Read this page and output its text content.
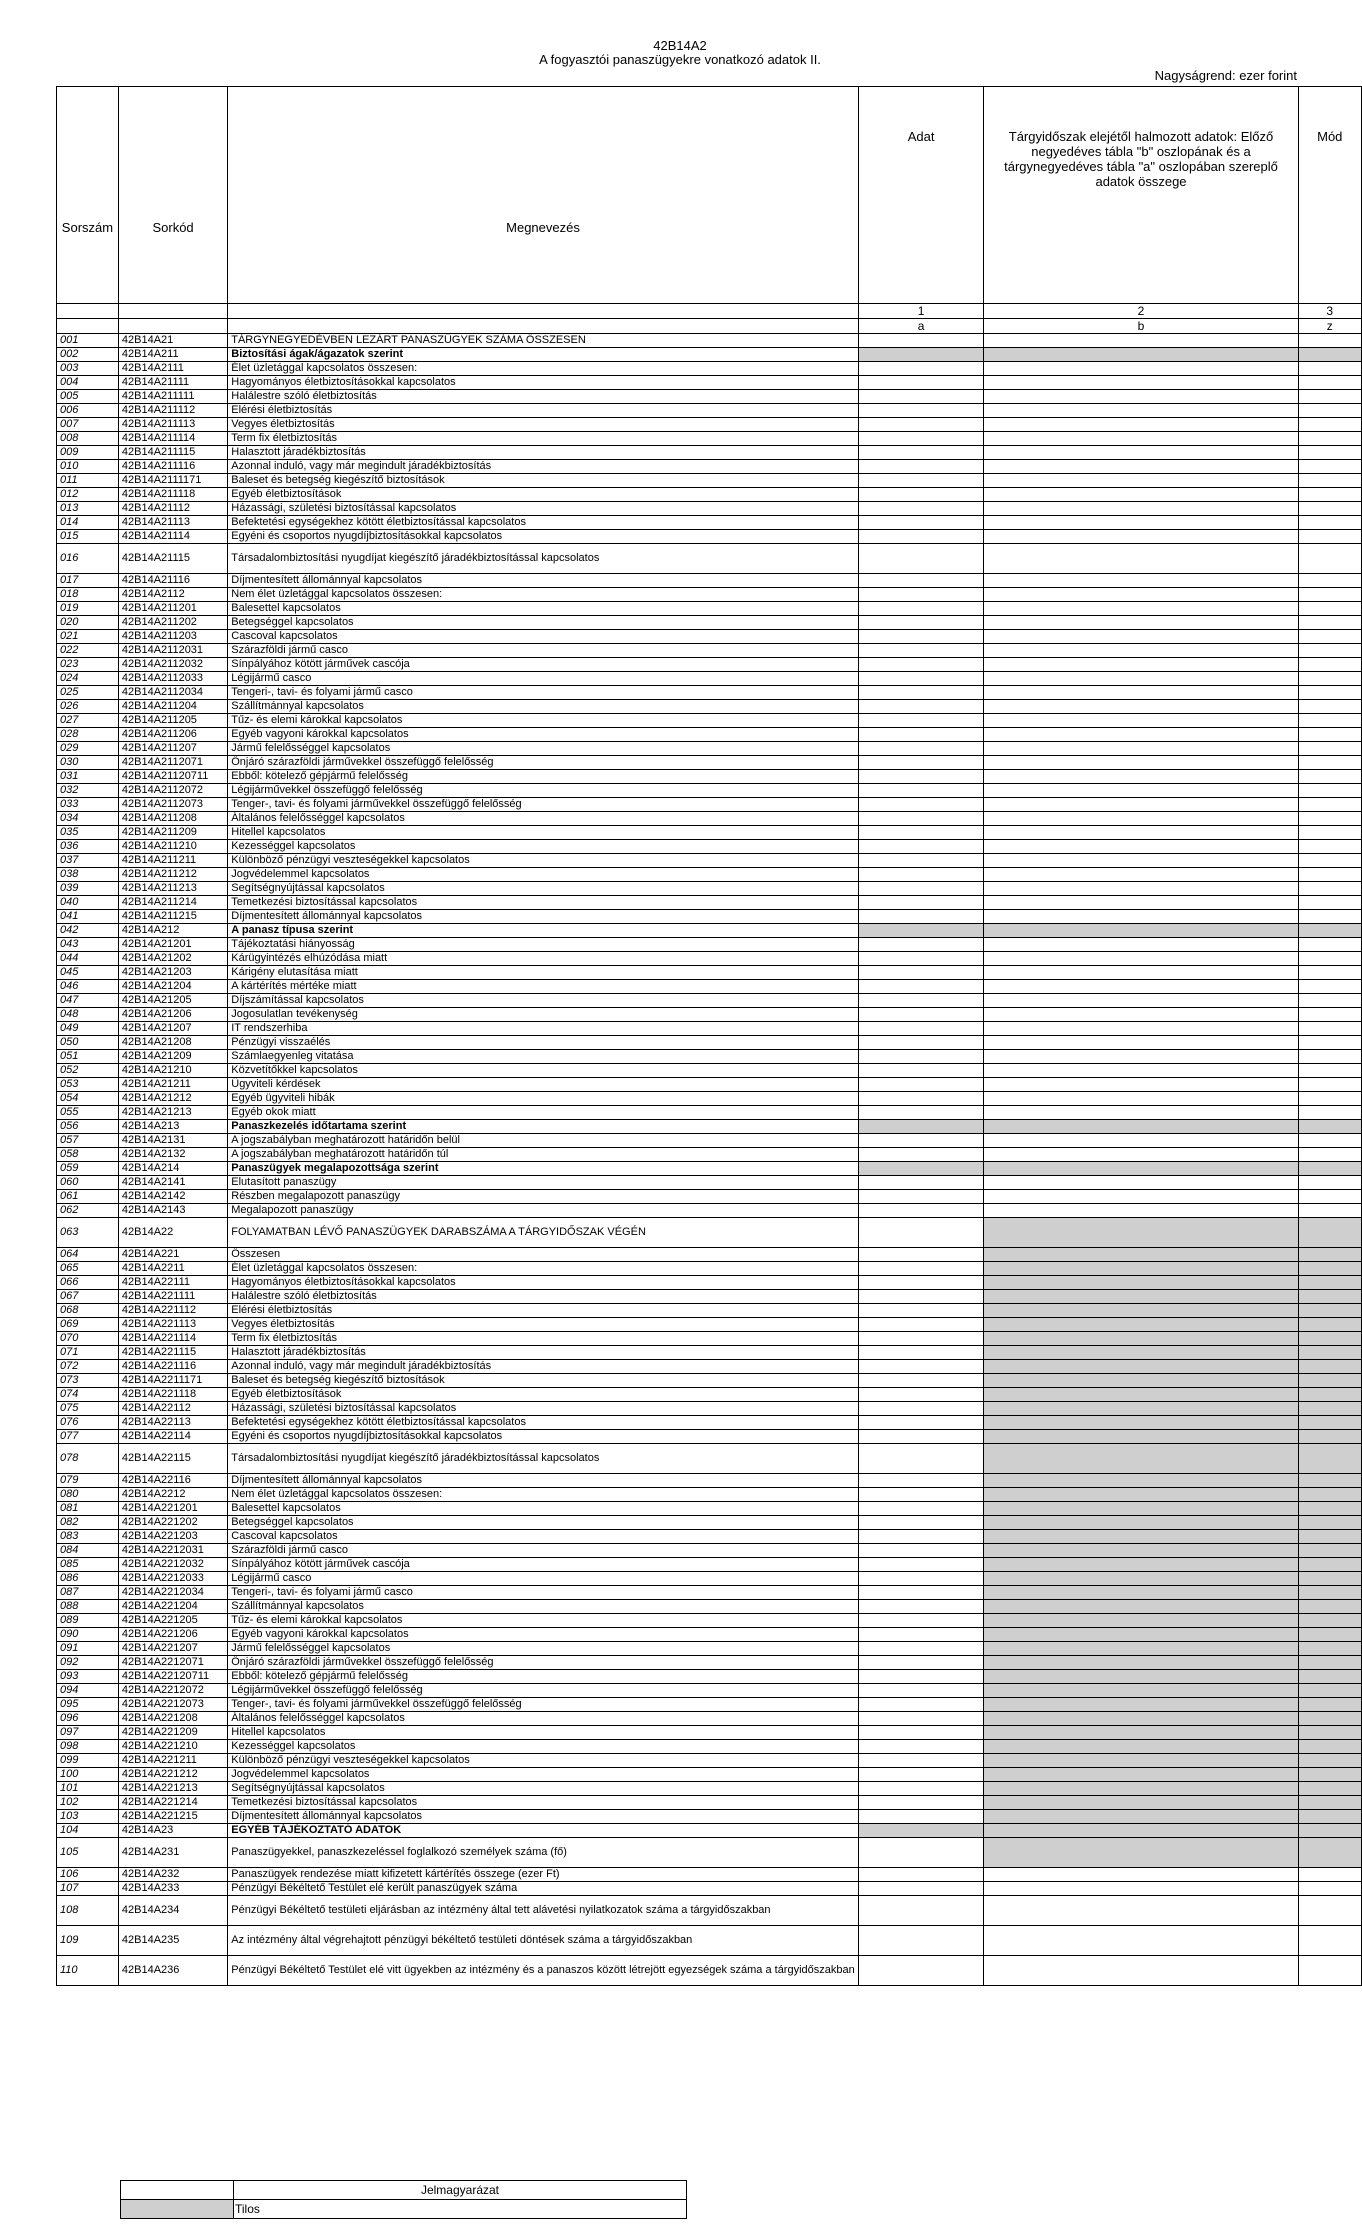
42B14A2
A fogyasztói panaszügyekre vonatkozó adatok II.
Nagyságrend: ezer forint
Sorszám	Sorkód	Megnevezés	Adat	Tárgyidőszak elejétől halmozott adatok: Előző negyedéves tábla "b" oszlopának és a tárgynegyedéves tábla "a" oszlopában szereplő adatok összege	Mód
			1	2	3
			a	b	z
001	42B14A21	TÁRGYNEGYEDÉVBEN LEZÁRT PANASZÜGYEK SZÁMA ÖSSZESEN			
002	42B14A211	Biztosítási ágak/ágazatok szerint			
003	42B14A2111	Élet üzletággal kapcsolatos összesen:			
004	42B14A21111	Hagyományos életbiztosításokkal kapcsolatos			
005	42B14A211111	Halálestre szóló életbiztosítás			
006	42B14A211112	Elérési életbiztosítás			
007	42B14A211113	Vegyes életbiztosítás			
008	42B14A211114	Term fix életbiztosítás			
009	42B14A211115	Halasztott járadékbiztosítás			
010	42B14A211116	Azonnal induló, vagy már megindult járadékbiztosítás			
011	42B14A2111171	Baleset és betegség kiegészítő biztosítások			
012	42B14A211118	Egyéb életbiztosítások			
013	42B14A21112	Házassági, születési biztosítással kapcsolatos			
014	42B14A21113	Befektetési egységekhez kötött életbiztosítással kapcsolatos			
015	42B14A21114	Egyéni és csoportos nyugdíjbiztosításokkal kapcsolatos			
016	42B14A21115	Társadalombiztosítási nyugdíjat kiegészítő járadékbiztosítással kapcsolatos			
017	42B14A21116	Díjmentesített állománnyal kapcsolatos			
018	42B14A2112	Nem élet üzletággal kapcsolatos összesen:			
019	42B14A211201	Balesettel kapcsolatos			
020	42B14A211202	Betegséggel kapcsolatos			
021	42B14A211203	Cascoval kapcsolatos			
022	42B14A2112031	Szárazföldi jármű casco			
023	42B14A2112032	Sínpályához kötött járművek cascója			
024	42B14A2112033	Légijármű casco			
025	42B14A2112034	Tengeri-, tavi- és folyami jármű casco			
026	42B14A211204	Szállítmánnyal kapcsolatos			
027	42B14A211205	Tűz- és elemi károkkal kapcsolatos			
028	42B14A211206	Egyéb vagyoni károkkal kapcsolatos			
029	42B14A211207	Jármű felelősséggel kapcsolatos			
030	42B14A2112071	Önjáró szárazföldi járművekkel összefüggő felelősség			
031	42B14A21120711	Ebből: kötelező gépjármű felelősség			
032	42B14A2112072	Légijárművekkel összefüggő felelősség			
033	42B14A2112073	Tenger-, tavi- és folyami járművekkel összefüggő felelősség			
034	42B14A211208	Általános felelősséggel kapcsolatos			
035	42B14A211209	Hitellel kapcsolatos			
036	42B14A211210	Kezességgel kapcsolatos			
037	42B14A211211	Különböző pénzügyi veszteségekkel kapcsolatos			
038	42B14A211212	Jogvédelemmel kapcsolatos			
039	42B14A211213	Segítségnyújtással kapcsolatos			
040	42B14A211214	Temetkezési biztosítással kapcsolatos			
041	42B14A211215	Díjmentesített állománnyal kapcsolatos			
042	42B14A212	A panasz típusa szerint			
043	42B14A21201	Tájékoztatási hiányosság			
044	42B14A21202	Kárügyintézés elhúzódása miatt			
045	42B14A21203	Kárigény elutasítása miatt			
046	42B14A21204	A kártérítés mértéke miatt			
047	42B14A21205	Díjszámítással kapcsolatos			
048	42B14A21206	Jogosulatlan tevékenység			
049	42B14A21207	IT rendszerhiba			
050	42B14A21208	Pénzügyi visszaélés			
051	42B14A21209	Számlaegyenleg vitatása			
052	42B14A21210	Közvetítőkkel kapcsolatos			
053	42B14A21211	Ügyviteli kérdések			
054	42B14A21212	Egyéb ügyviteli hibák			
055	42B14A21213	Egyéb okok miatt			
056	42B14A213	Panaszkezelés időtartama szerint			
057	42B14A2131	A jogszabályban meghatározott határidőn belül			
058	42B14A2132	A jogszabályban meghatározott határidőn túl			
059	42B14A214	Panaszügyek megalapozottsága szerint			
060	42B14A2141	Elutasított panaszügy			
061	42B14A2142	Részben megalapozott panaszügy			
062	42B14A2143	Megalapozott panaszügy			
063	42B14A22	FOLYAMATBAN LÉVŐ PANASZÜGYEK DARABSZÁMA A TÁRGYIDŐSZAK VÉGÉN			
064	42B14A221	Összesen			
065	42B14A2211	Élet üzletággal kapcsolatos összesen:			
066	42B14A22111	Hagyományos életbiztosításokkal kapcsolatos			
067	42B14A221111	Halálestre szóló életbiztosítás			
068	42B14A221112	Elérési életbiztosítás			
069	42B14A221113	Vegyes életbiztosítás			
070	42B14A221114	Term fix életbiztosítás			
071	42B14A221115	Halasztott járadékbiztosítás			
072	42B14A221116	Azonnal induló, vagy már megindult járadékbiztosítás			
073	42B14A2211171	Baleset és betegség kiegészítő biztosítások			
074	42B14A221118	Egyéb életbiztosítások			
075	42B14A22112	Házassági, születési biztosítással kapcsolatos			
076	42B14A22113	Befektetési egységekhez kötött életbiztosítással kapcsolatos			
077	42B14A22114	Egyéni és csoportos nyugdíjbiztosításokkal kapcsolatos			
078	42B14A22115	Társadalombiztosítási nyugdíjat kiegészítő járadékbiztosítással kapcsolatos			
079	42B14A22116	Díjmentesített állománnyal kapcsolatos			
080	42B14A2212	Nem élet üzletággal kapcsolatos összesen:			
081	42B14A221201	Balesettel kapcsolatos			
082	42B14A221202	Betegséggel kapcsolatos			
083	42B14A221203	Cascoval kapcsolatos			
084	42B14A2212031	Szárazföldi jármű casco			
085	42B14A2212032	Sínpályához kötött járművek cascója			
086	42B14A2212033	Légijármű casco			
087	42B14A2212034	Tengeri-, tavi- és folyami jármű casco			
088	42B14A221204	Szállítmánnyal kapcsolatos			
089	42B14A221205	Tűz- és elemi károkkal kapcsolatos			
090	42B14A221206	Egyéb vagyoni károkkal kapcsolatos			
091	42B14A221207	Jármű felelősséggel kapcsolatos			
092	42B14A2212071	Önjáró szárazföldi járművekkel összefüggő felelősség			
093	42B14A22120711	Ebből: kötelező gépjármű felelősség			
094	42B14A2212072	Légijárművekkel összefüggő felelősség			
095	42B14A2212073	Tenger-, tavi- és folyami járművekkel összefüggő felelősség			
096	42B14A221208	Általános felelősséggel kapcsolatos			
097	42B14A221209	Hitellel kapcsolatos			
098	42B14A221210	Kezességgel kapcsolatos			
099	42B14A221211	Különböző pénzügyi veszteségekkel kapcsolatos			
100	42B14A221212	Jogvédelemmel kapcsolatos			
101	42B14A221213	Segítségnyújtással kapcsolatos			
102	42B14A221214	Temetkezési biztosítással kapcsolatos			
103	42B14A221215	Díjmentesített állománnyal kapcsolatos			
104	42B14A23	EGYÉB TÁJÉKOZTATÓ ADATOK			
105	42B14A231	Panaszügyekkel, panaszkezeléssel foglalkozó személyek száma (fő)			
106	42B14A232	Panaszügyek rendezése miatt kifizetett kártérítés összege (ezer Ft)			
107	42B14A233	Pénzügyi Békéltető Testület elé került panaszügyek száma			
108	42B14A234	Pénzügyi Békéltető testületi eljárásban az intézmény által tett alávetési nyilatkozatok száma a tárgyidőszakban			
109	42B14A235	Az intézmény által végrehajtott pénzügyi békéltető testületi döntések száma a tárgyidőszakban			
110	42B14A236	Pénzügyi Békéltető Testület elé vitt ügyekben az intézmény és a panaszos között létrejött egyezségek száma a tárgyidőszakban			
	Jelmagyarázat
	Tilos
